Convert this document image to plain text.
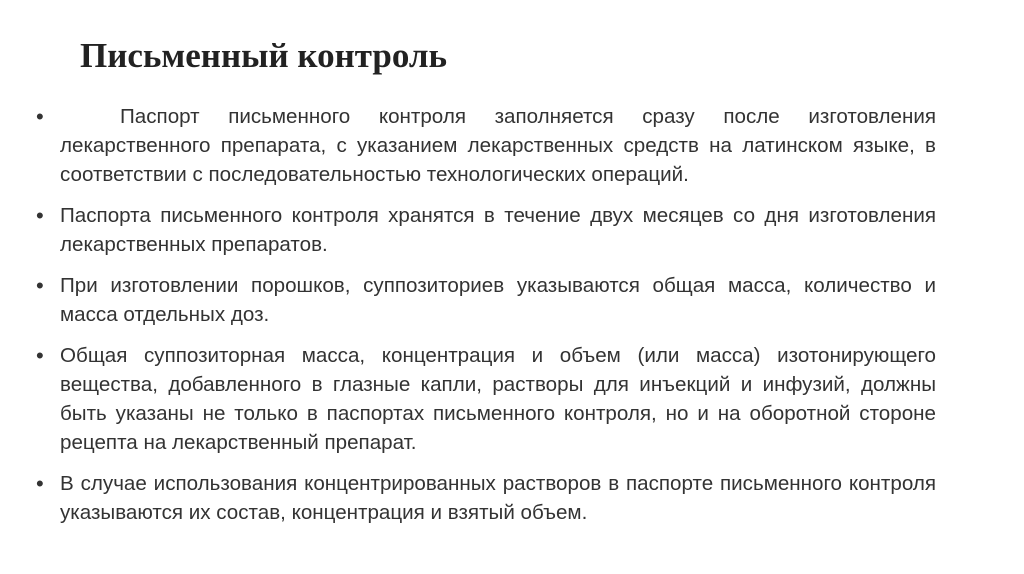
Письменный контроль
•	Паспорт письменного контроля заполняется сразу после изготовления лекарственного препарата, с указанием лекарственных средств на латинском языке, в соответствии с последовательностью технологических операций.
• Паспорта письменного контроля хранятся в течение двух месяцев со дня изготовления лекарственных препаратов.
• При изготовлении порошков, суппозиториев указываются общая масса, количество и масса отдельных доз.
• Общая суппозиторная масса, концентрация и объем (или масса) изотонирующего вещества, добавленного в глазные капли, растворы для инъекций и инфузий, должны быть указаны не только в паспортах письменного контроля, но и на оборотной стороне рецепта на лекарственный препарат.
• В случае использования концентрированных растворов в паспорте письменного контроля указываются их состав, концентрация и взятый объем.
